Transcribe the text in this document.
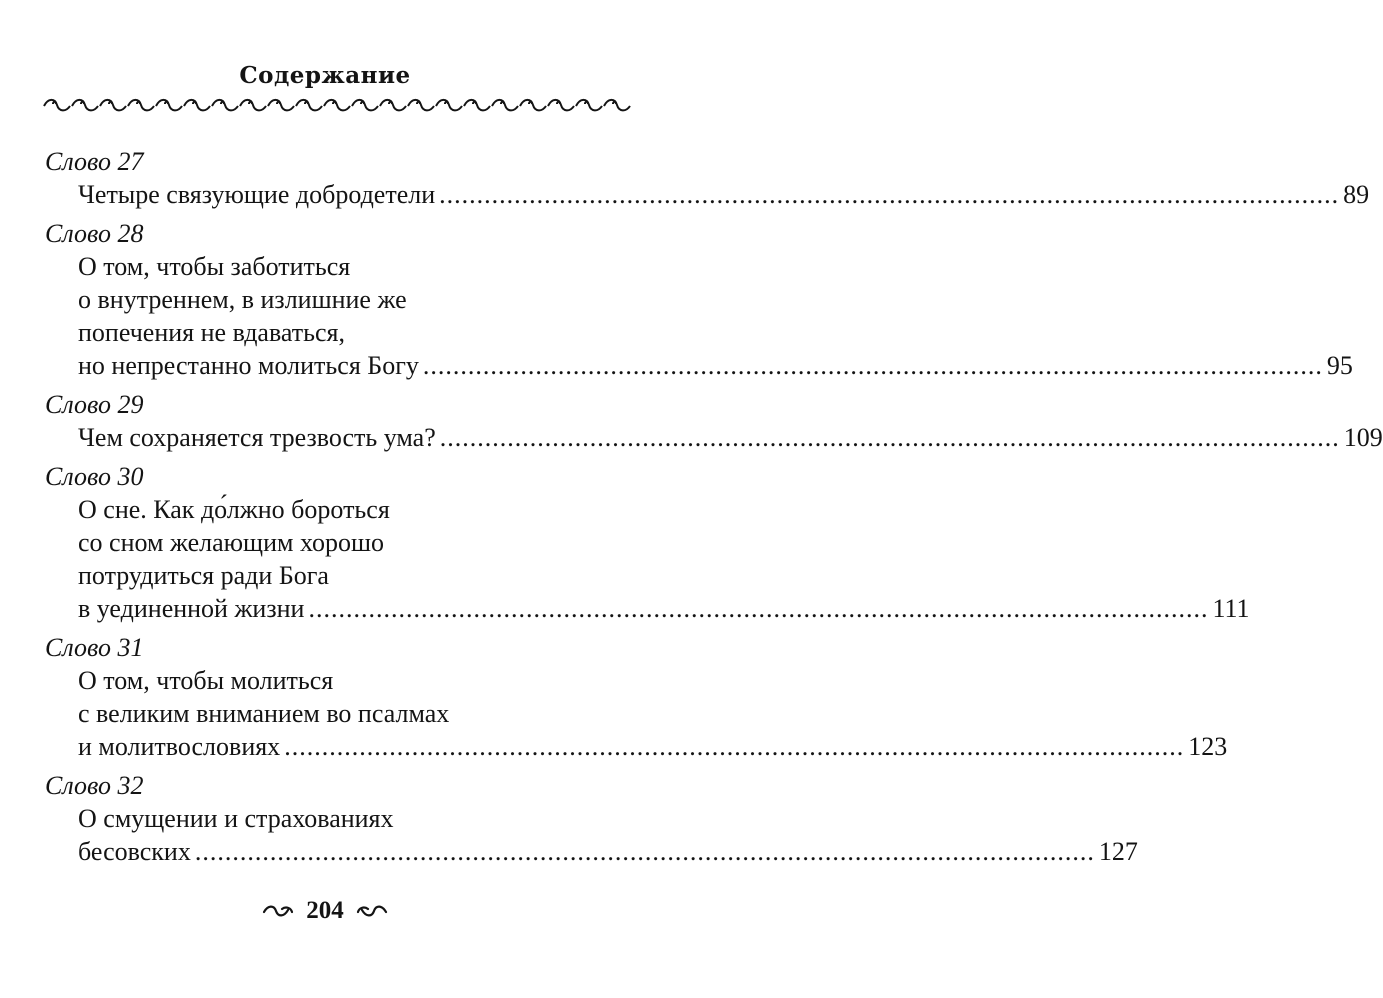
Содержание
Слово 27
Четыре связующие добродетели ........................................................................................................................ 89
Слово 28
О том, чтобы заботиться
о внутреннем, в излишние же
попечения не вдаваться,
но непрестанно молиться Богу ........................................................................................................................ 95
Слово 29
Чем сохраняется трезвость ума? ........................................................................................................................ 109
Слово 30
О сне. Как до́лжно бороться
со сном желающим хорошо
потрудиться ради Бога
в уединенной жизни ........................................................................................................................ 111
Слово 31
О том, чтобы молиться
с великим вниманием во псалмах
и молитвословиях ........................................................................................................................ 123
Слово 32
О смущении и страхованиях
бесовских ........................................................................................................................ 127
204
